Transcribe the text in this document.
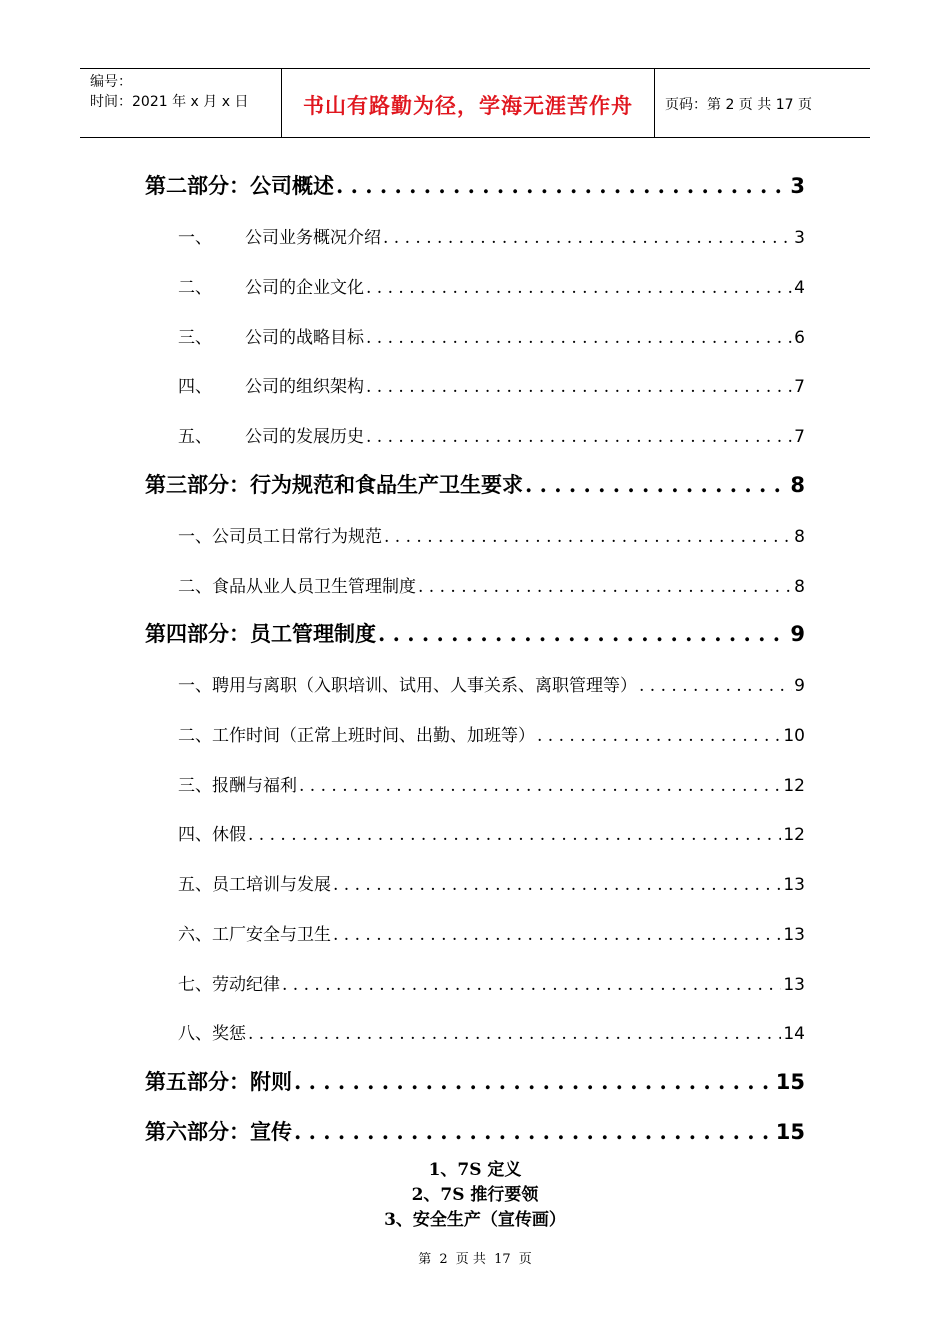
编号：
时间：2021 年 x 月 x 日	书山有路勤为径，学海无涯苦作舟	页码：第 2 页 共 17 页
第二部分：公司概述 . . .	3
一、 公司业务概况介绍 . . .	3
二、 公司的企业文化 . . .	4
三、 公司的战略目标 . . .	6
四、 公司的组织架构 . . .	7
五、 公司的发展历史 . . .	7
第三部分：行为规范和食品生产卫生要求 . . .	8
一、公司员工日常行为规范 . . .	8
二、食品从业人员卫生管理制度 . . .	8
第四部分：员工管理制度 . . .	9
一、聘用与离职（入职培训、试用、人事关系、离职管理等） . . .	9
二、工作时间（正常上班时间、出勤、加班等） . . .	10
三、报酬与福利 . . .	12
四、休假 . . .	12
五、员工培训与发展 . . .	13
六、工厂安全与卫生 . . .	13
七、劳动纪律 . . .	13
八、奖惩 . . .	14
第五部分：附则 . . .	15
第六部分：宣传 . . .	15
1、7S 定义
2、7S 推行要领
3、安全生产（宣传画）
第 2 页 共 17 页
